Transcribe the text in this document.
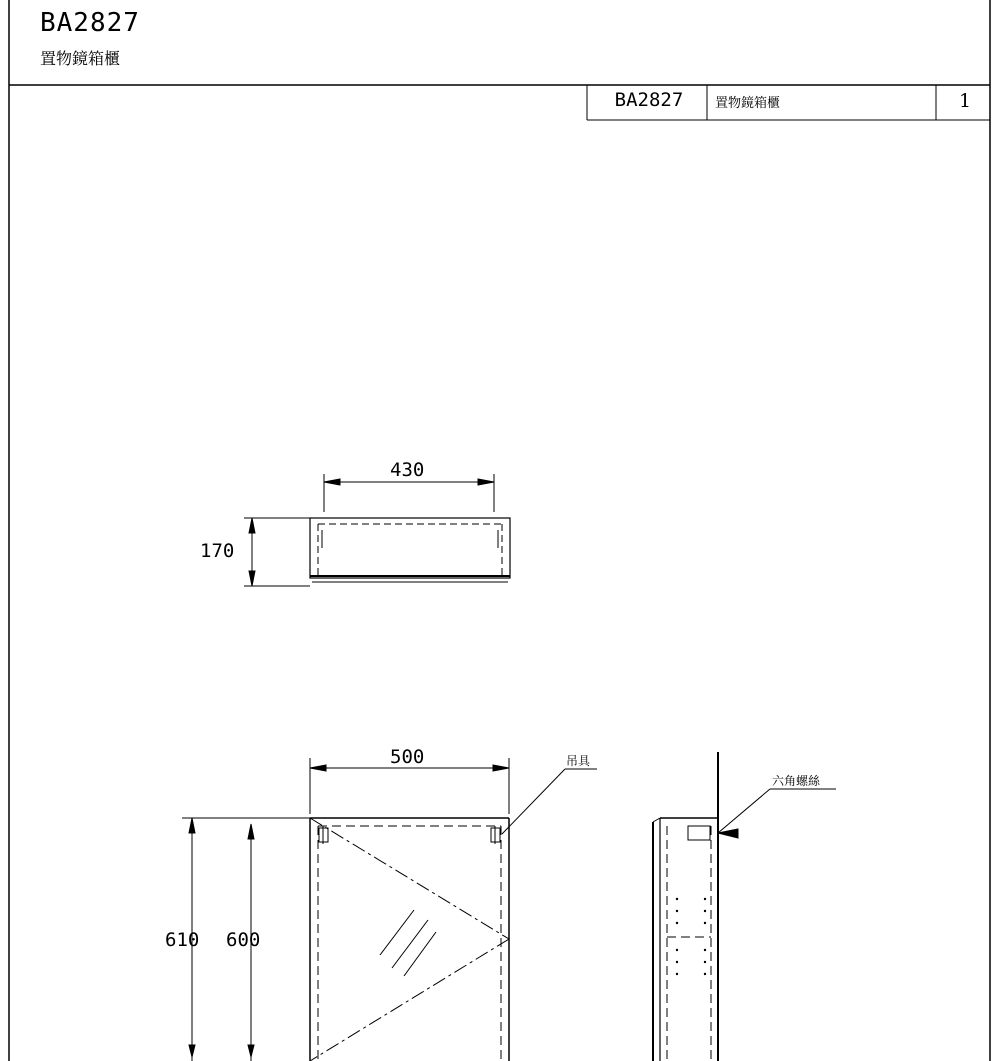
BA2827
置物鏡箱櫃
BA2827	置物鏡箱櫃	1
430
170
500
610 600
吊具
六角螺絲
